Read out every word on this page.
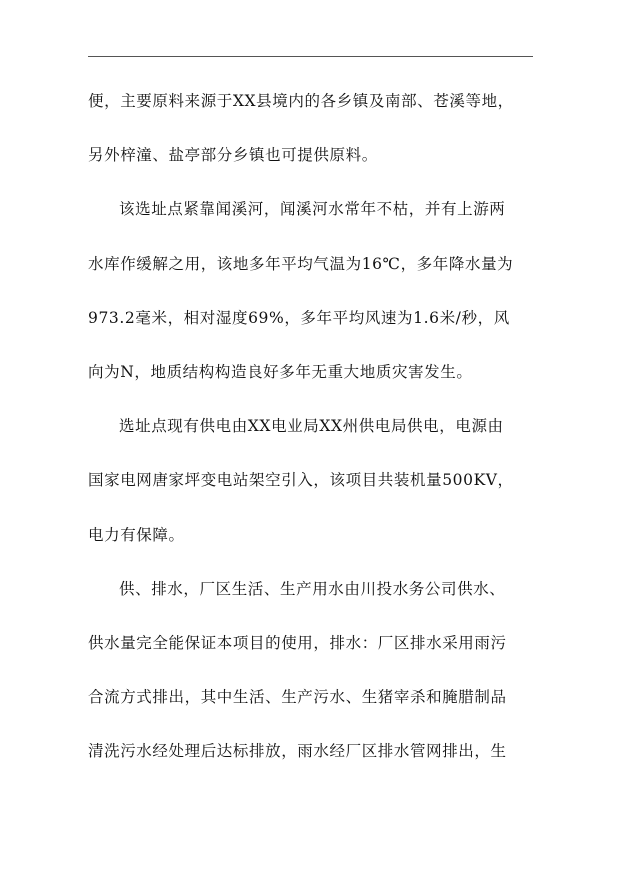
便，主要原料来源于XX县境内的各乡镇及南部、苍溪等地，
另外梓潼、盐亭部分乡镇也可提供原料。
该选址点紧靠闻溪河，闻溪河水常年不枯，并有上游两
水库作缓解之用，该地多年平均气温为16℃，多年降水量为
973.2毫米，相对湿度69%，多年平均风速为1.6米/秒，风
向为N，地质结构构造良好多年无重大地质灾害发生。
选址点现有供电由XX电业局XX州供电局供电，电源由
国家电网唐家坪变电站架空引入，该项目共装机量500KV，
电力有保障。
供、排水，厂区生活、生产用水由川投水务公司供水、
供水量完全能保证本项目的使用，排水：厂区排水采用雨污
合流方式排出，其中生活、生产污水、生猪宰杀和腌腊制品
清洗污水经处理后达标排放，雨水经厂区排水管网排出，生
